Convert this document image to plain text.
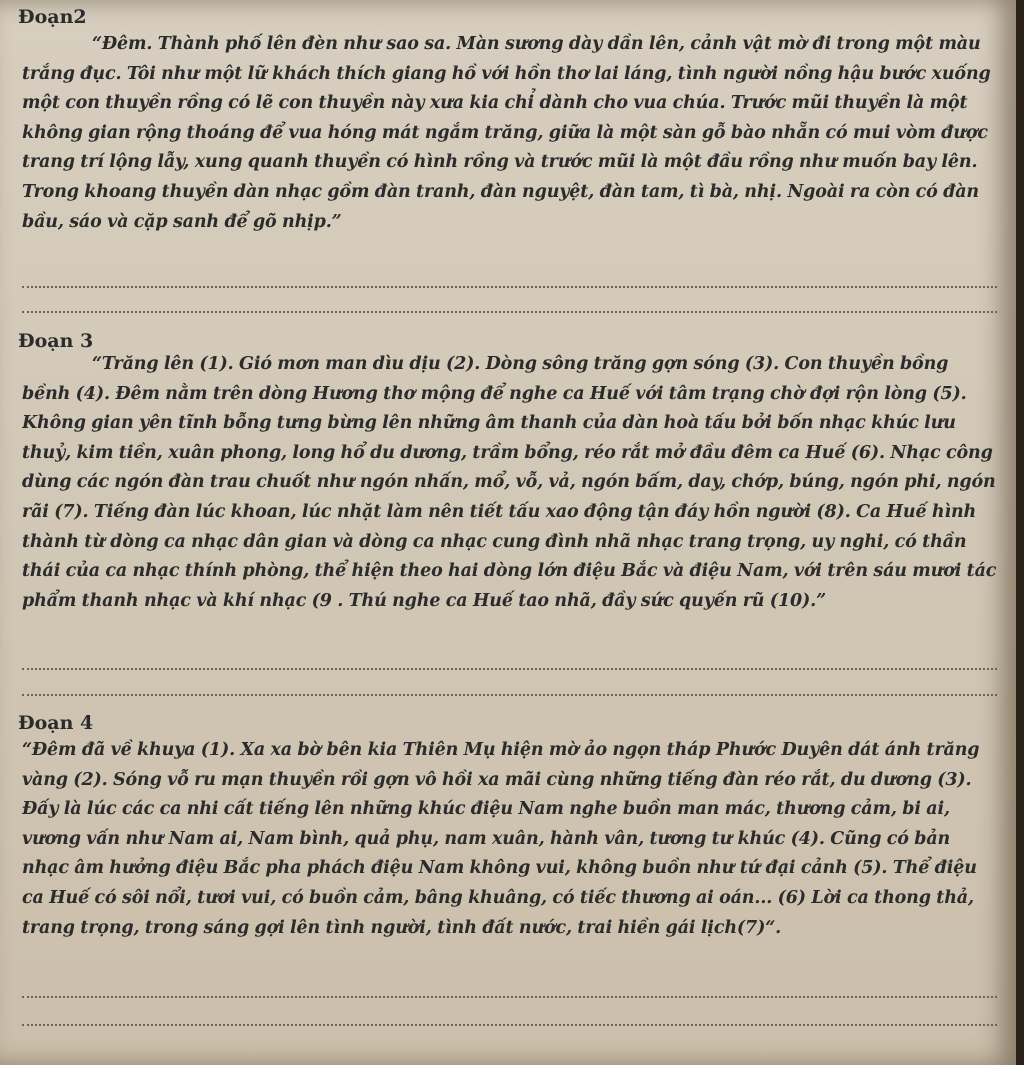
Đoạn2

“Đêm. Thành phố lên đèn như sao sa. Màn sương dày dần lên, cảnh vật mờ đi trong một màu trắng đục. Tôi như một lữ khách thích giang hồ với hồn thơ lai láng, tình người nồng hậu bước xuống một con thuyền rồng có lẽ con thuyền này xưa kia chỉ dành cho vua chúa. Trước mũi thuyền là một không gian rộng thoáng để vua hóng mát ngắm trăng, giữa là một sàn gỗ bào nhẵn có mui vòm được trang trí lộng lẫy, xung quanh thuyền có hình rồng và trước mũi là một đầu rồng như muốn bay lên. Trong khoang thuyền dàn nhạc gồm đàn tranh, đàn nguyệt, đàn tam, tì bà, nhị. Ngoài ra còn có đàn bầu, sáo và cặp sanh để gõ nhịp.”

Đoạn 3

“Trăng lên (1). Gió mơn man dìu dịu (2). Dòng sông trăng gợn sóng (3). Con thuyền bồng bềnh (4). Đêm nằm trên dòng Hương thơ mộng để nghe ca Huế với tâm trạng chờ đợi rộn lòng (5). Không gian yên tĩnh bỗng tưng bừng lên những âm thanh của dàn hoà tấu bởi bốn nhạc khúc lưu thuỷ, kim tiền, xuân phong, long hổ du dương, trầm bổng, réo rắt mở đầu đêm ca Huế (6). Nhạc công dùng các ngón đàn trau chuốt như ngón nhấn, mổ, vỗ, vả, ngón bấm, day, chớp, búng, ngón phi, ngón rãi (7). Tiếng đàn lúc khoan, lúc nhặt làm nên tiết tấu xao động tận đáy hồn người (8). Ca Huế hình thành từ dòng ca nhạc dân gian và dòng ca nhạc cung đình nhã nhạc trang trọng, uy nghi, có thần thái của ca nhạc thính phòng, thể hiện theo hai dòng lớn điệu Bắc và điệu Nam, với trên sáu mươi tác phẩm thanh nhạc và khí nhạc (9 . Thú nghe ca Huế tao nhã, đầy sức quyến rũ (10).”

Đoạn 4

“Đêm đã về khuya (1). Xa xa bờ bên kia Thiên Mụ hiện mờ ảo ngọn tháp Phước Duyên dát ánh trăng vàng (2). Sóng vỗ ru mạn thuyền rồi gợn vô hồi xa mãi cùng những tiếng đàn réo rắt, du dương (3). Đấy là lúc các ca nhi cất tiếng lên những khúc điệu Nam nghe buồn man mác, thương cảm, bi ai, vương vấn như Nam ai, Nam bình, quả phụ, nam xuân, hành vân, tương tư khúc (4). Cũng có bản nhạc âm hưởng điệu Bắc pha phách điệu Nam không vui, không buồn như tứ đại cảnh (5). Thể điệu ca Huế có sôi nổi, tươi vui, có buồn cảm, bâng khuâng, có tiếc thương ai oán... (6) Lời ca thong thả, trang trọng, trong sáng gợi lên tình người, tình đất nước, trai hiền gái lịch(7)“.
